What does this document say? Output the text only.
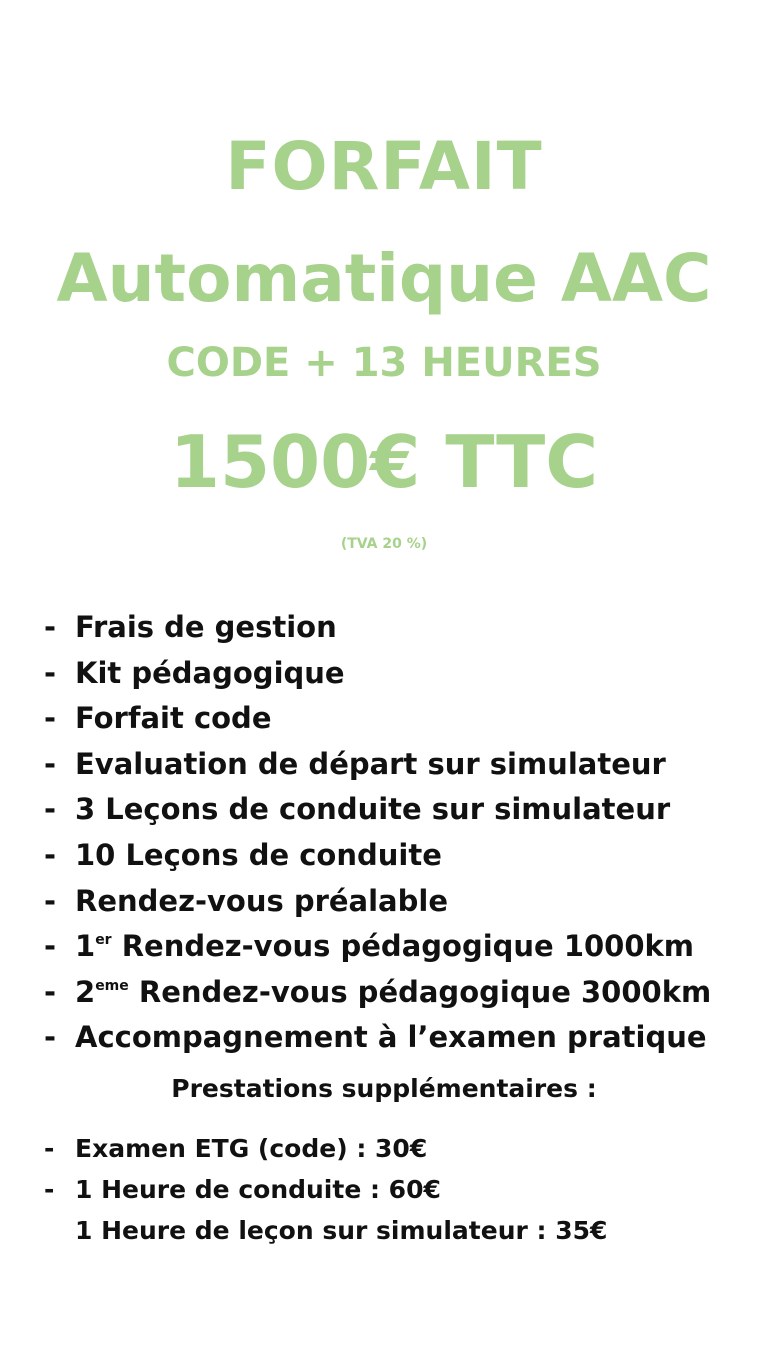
FORFAIT
Automatique AAC
CODE + 13 HEURES
1500€ TTC
(TVA 20 %)
- Frais de gestion
- Kit pédagogique
- Forfait code
- Evaluation de départ sur simulateur
- 3 Leçons de conduite sur simulateur
- 10 Leçons de conduite
- Rendez-vous préalable
- 1er Rendez-vous pédagogique 1000km
- 2eme Rendez-vous pédagogique 3000km
- Accompagnement à l’examen pratique
Prestations supplémentaires :
- Examen ETG (code) : 30€
- 1 Heure de conduite : 60€
1 Heure de leçon sur simulateur : 35€
